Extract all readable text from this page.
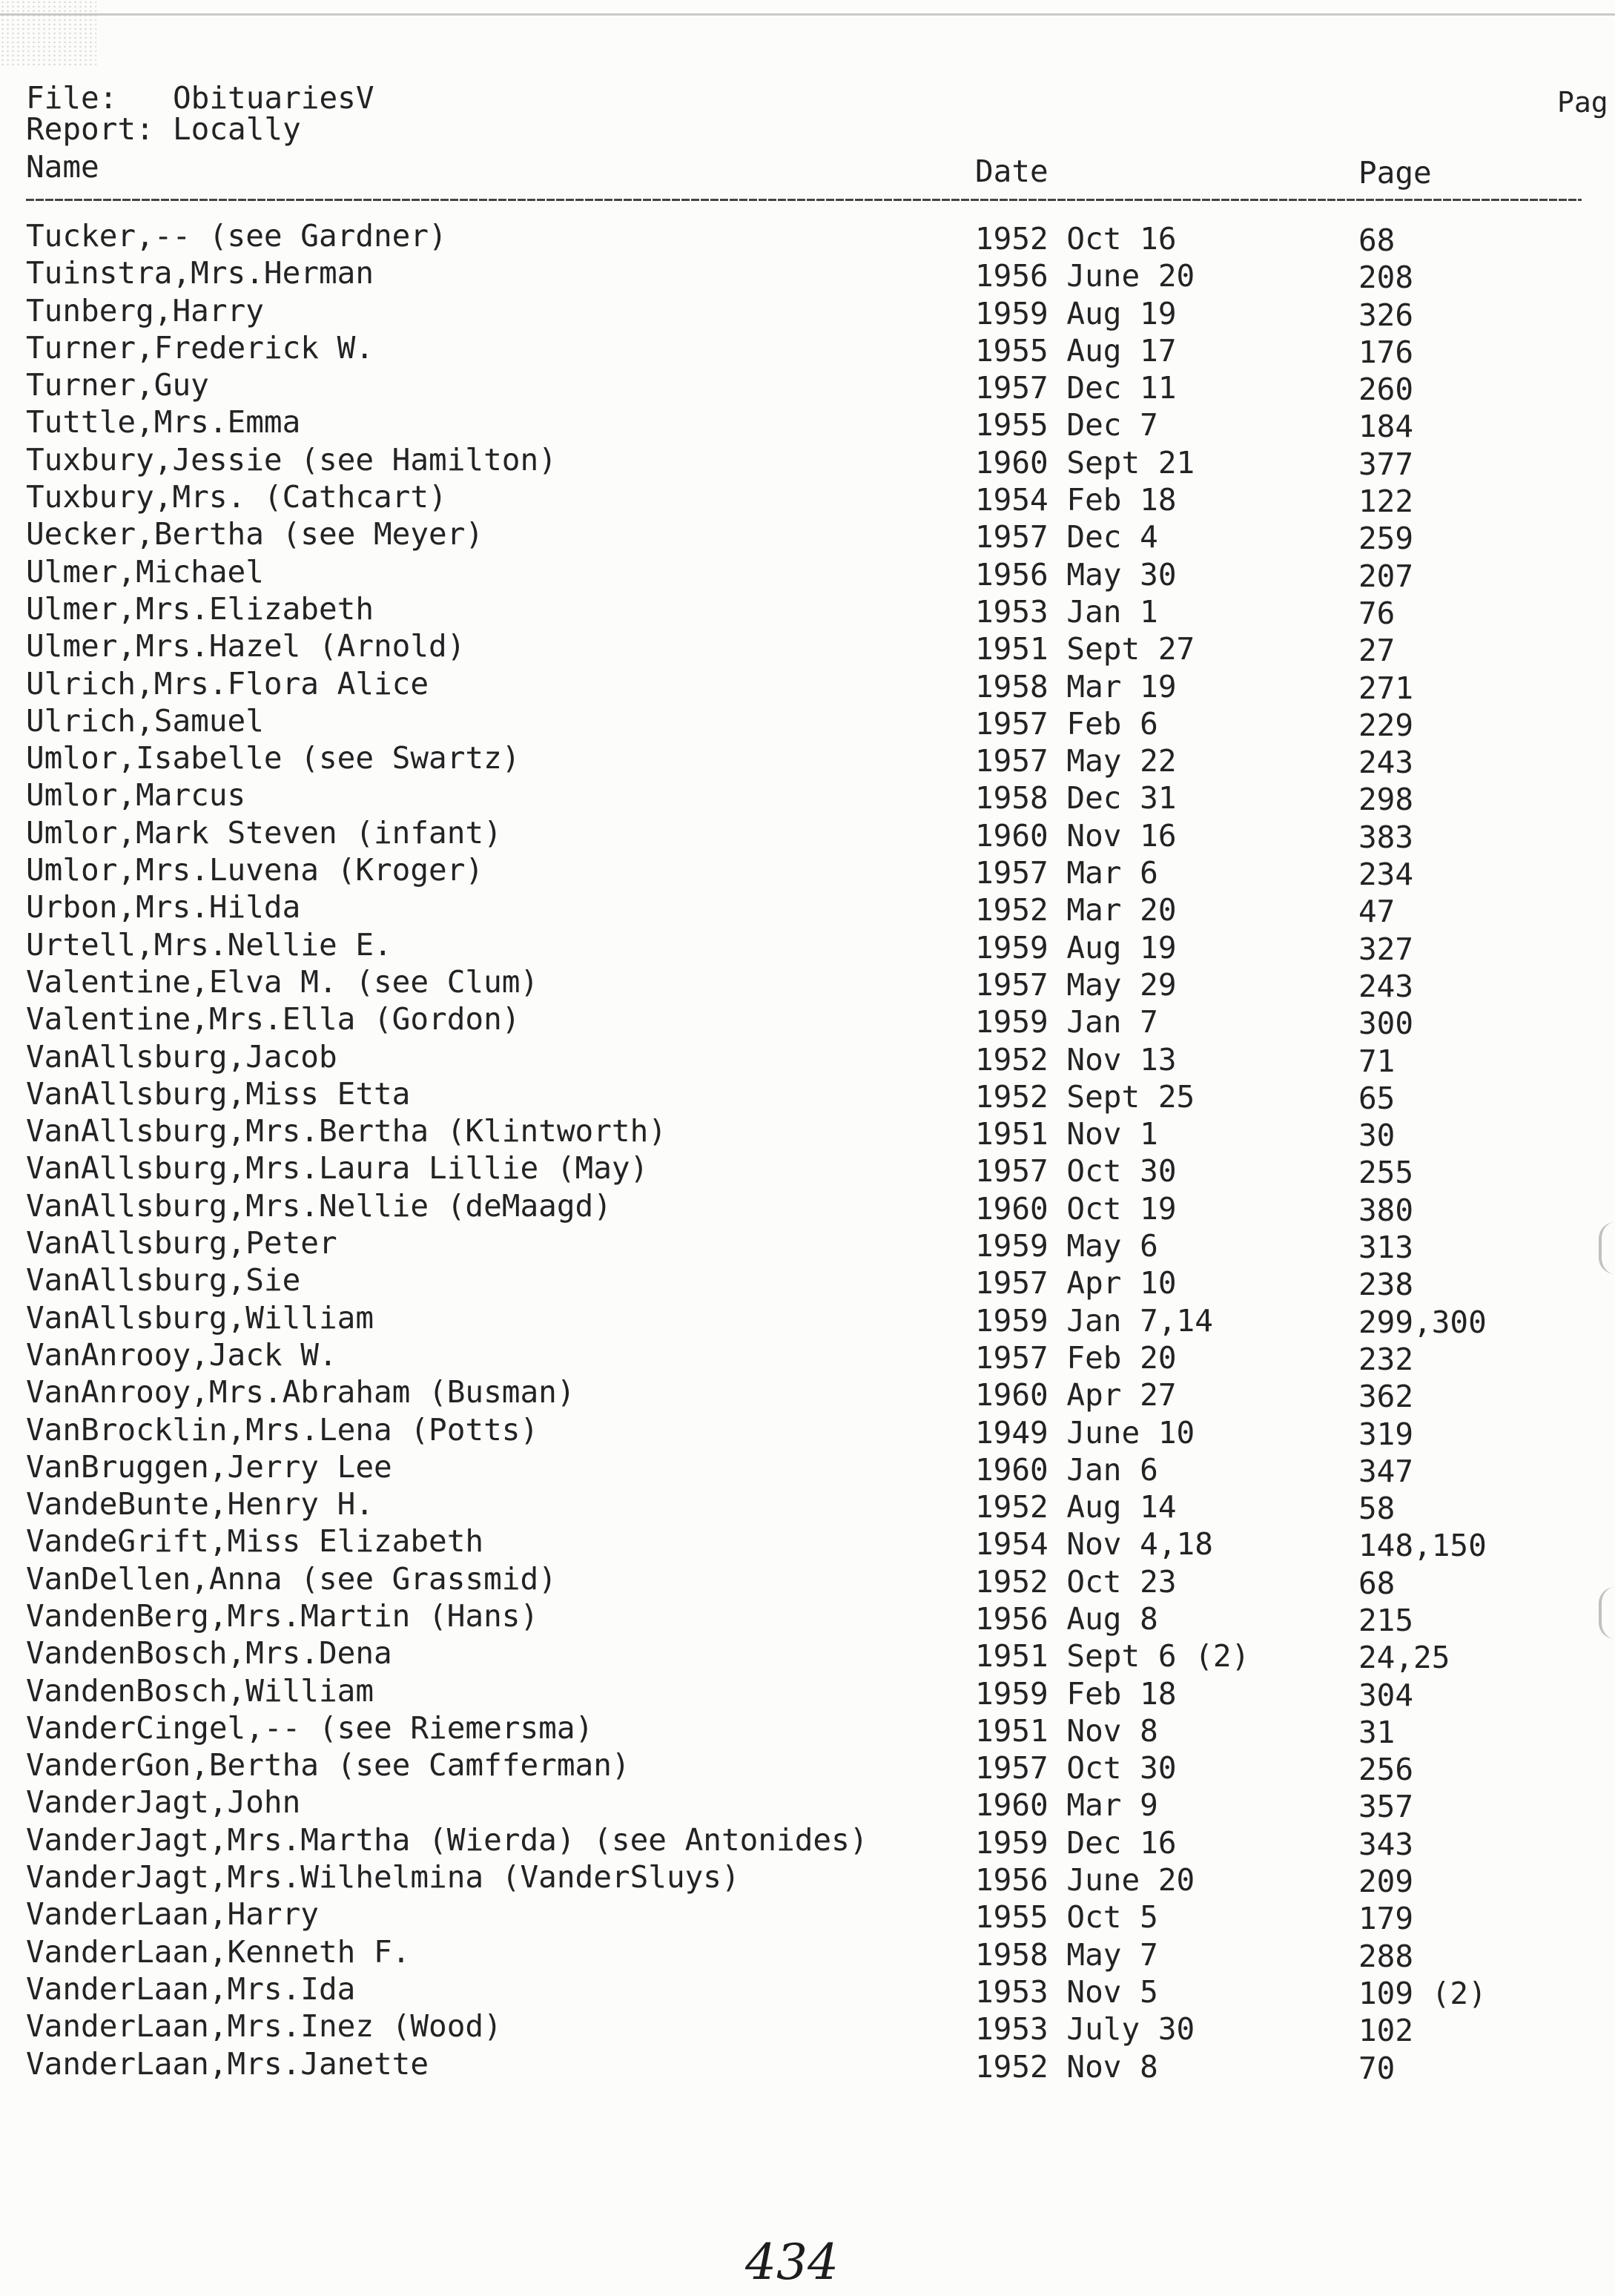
File: ObituariesV
Report: Locally
Pag
Name	Date	Page
Tucker,-- (see Gardner)	1952 Oct 16	68
Tuinstra,Mrs.Herman	1956 June 20	208
Tunberg,Harry	1959 Aug 19	326
Turner,Frederick W.	1955 Aug 17	176
Turner,Guy	1957 Dec 11	260
Tuttle,Mrs.Emma	1955 Dec 7	184
Tuxbury,Jessie (see Hamilton)	1960 Sept 21	377
Tuxbury,Mrs. (Cathcart)	1954 Feb 18	122
Uecker,Bertha (see Meyer)	1957 Dec 4	259
Ulmer,Michael	1956 May 30	207
Ulmer,Mrs.Elizabeth	1953 Jan 1	76
Ulmer,Mrs.Hazel (Arnold)	1951 Sept 27	27
Ulrich,Mrs.Flora Alice	1958 Mar 19	271
Ulrich,Samuel	1957 Feb 6	229
Umlor,Isabelle (see Swartz)	1957 May 22	243
Umlor,Marcus	1958 Dec 31	298
Umlor,Mark Steven (infant)	1960 Nov 16	383
Umlor,Mrs.Luvena (Kroger)	1957 Mar 6	234
Urbon,Mrs.Hilda	1952 Mar 20	47
Urtell,Mrs.Nellie E.	1959 Aug 19	327
Valentine,Elva M. (see Clum)	1957 May 29	243
Valentine,Mrs.Ella (Gordon)	1959 Jan 7	300
VanAllsburg,Jacob	1952 Nov 13	71
VanAllsburg,Miss Etta	1952 Sept 25	65
VanAllsburg,Mrs.Bertha (Klintworth)	1951 Nov 1	30
VanAllsburg,Mrs.Laura Lillie (May)	1957 Oct 30	255
VanAllsburg,Mrs.Nellie (deMaagd)	1960 Oct 19	380
VanAllsburg,Peter	1959 May 6	313
VanAllsburg,Sie	1957 Apr 10	238
VanAllsburg,William	1959 Jan 7,14	299,300
VanAnrooy,Jack W.	1957 Feb 20	232
VanAnrooy,Mrs.Abraham (Busman)	1960 Apr 27	362
VanBrocklin,Mrs.Lena (Potts)	1949 June 10	319
VanBruggen,Jerry Lee	1960 Jan 6	347
VandeBunte,Henry H.	1952 Aug 14	58
VandeGrift,Miss Elizabeth	1954 Nov 4,18	148,150
VanDellen,Anna (see Grassmid)	1952 Oct 23	68
VandenBerg,Mrs.Martin (Hans)	1956 Aug 8	215
VandenBosch,Mrs.Dena	1951 Sept 6 (2)	24,25
VandenBosch,William	1959 Feb 18	304
VanderCingel,-- (see Riemersma)	1951 Nov 8	31
VanderGon,Bertha (see Camfferman)	1957 Oct 30	256
VanderJagt,John	1960 Mar 9	357
VanderJagt,Mrs.Martha (Wierda) (see Antonides)	1959 Dec 16	343
VanderJagt,Mrs.Wilhelmina (VanderSluys)	1956 June 20	209
VanderLaan,Harry	1955 Oct 5	179
VanderLaan,Kenneth F.	1958 May 7	288
VanderLaan,Mrs.Ida	1953 Nov 5	109 (2)
VanderLaan,Mrs.Inez (Wood)	1953 July 30	102
VanderLaan,Mrs.Janette	1952 Nov 8	70
434
